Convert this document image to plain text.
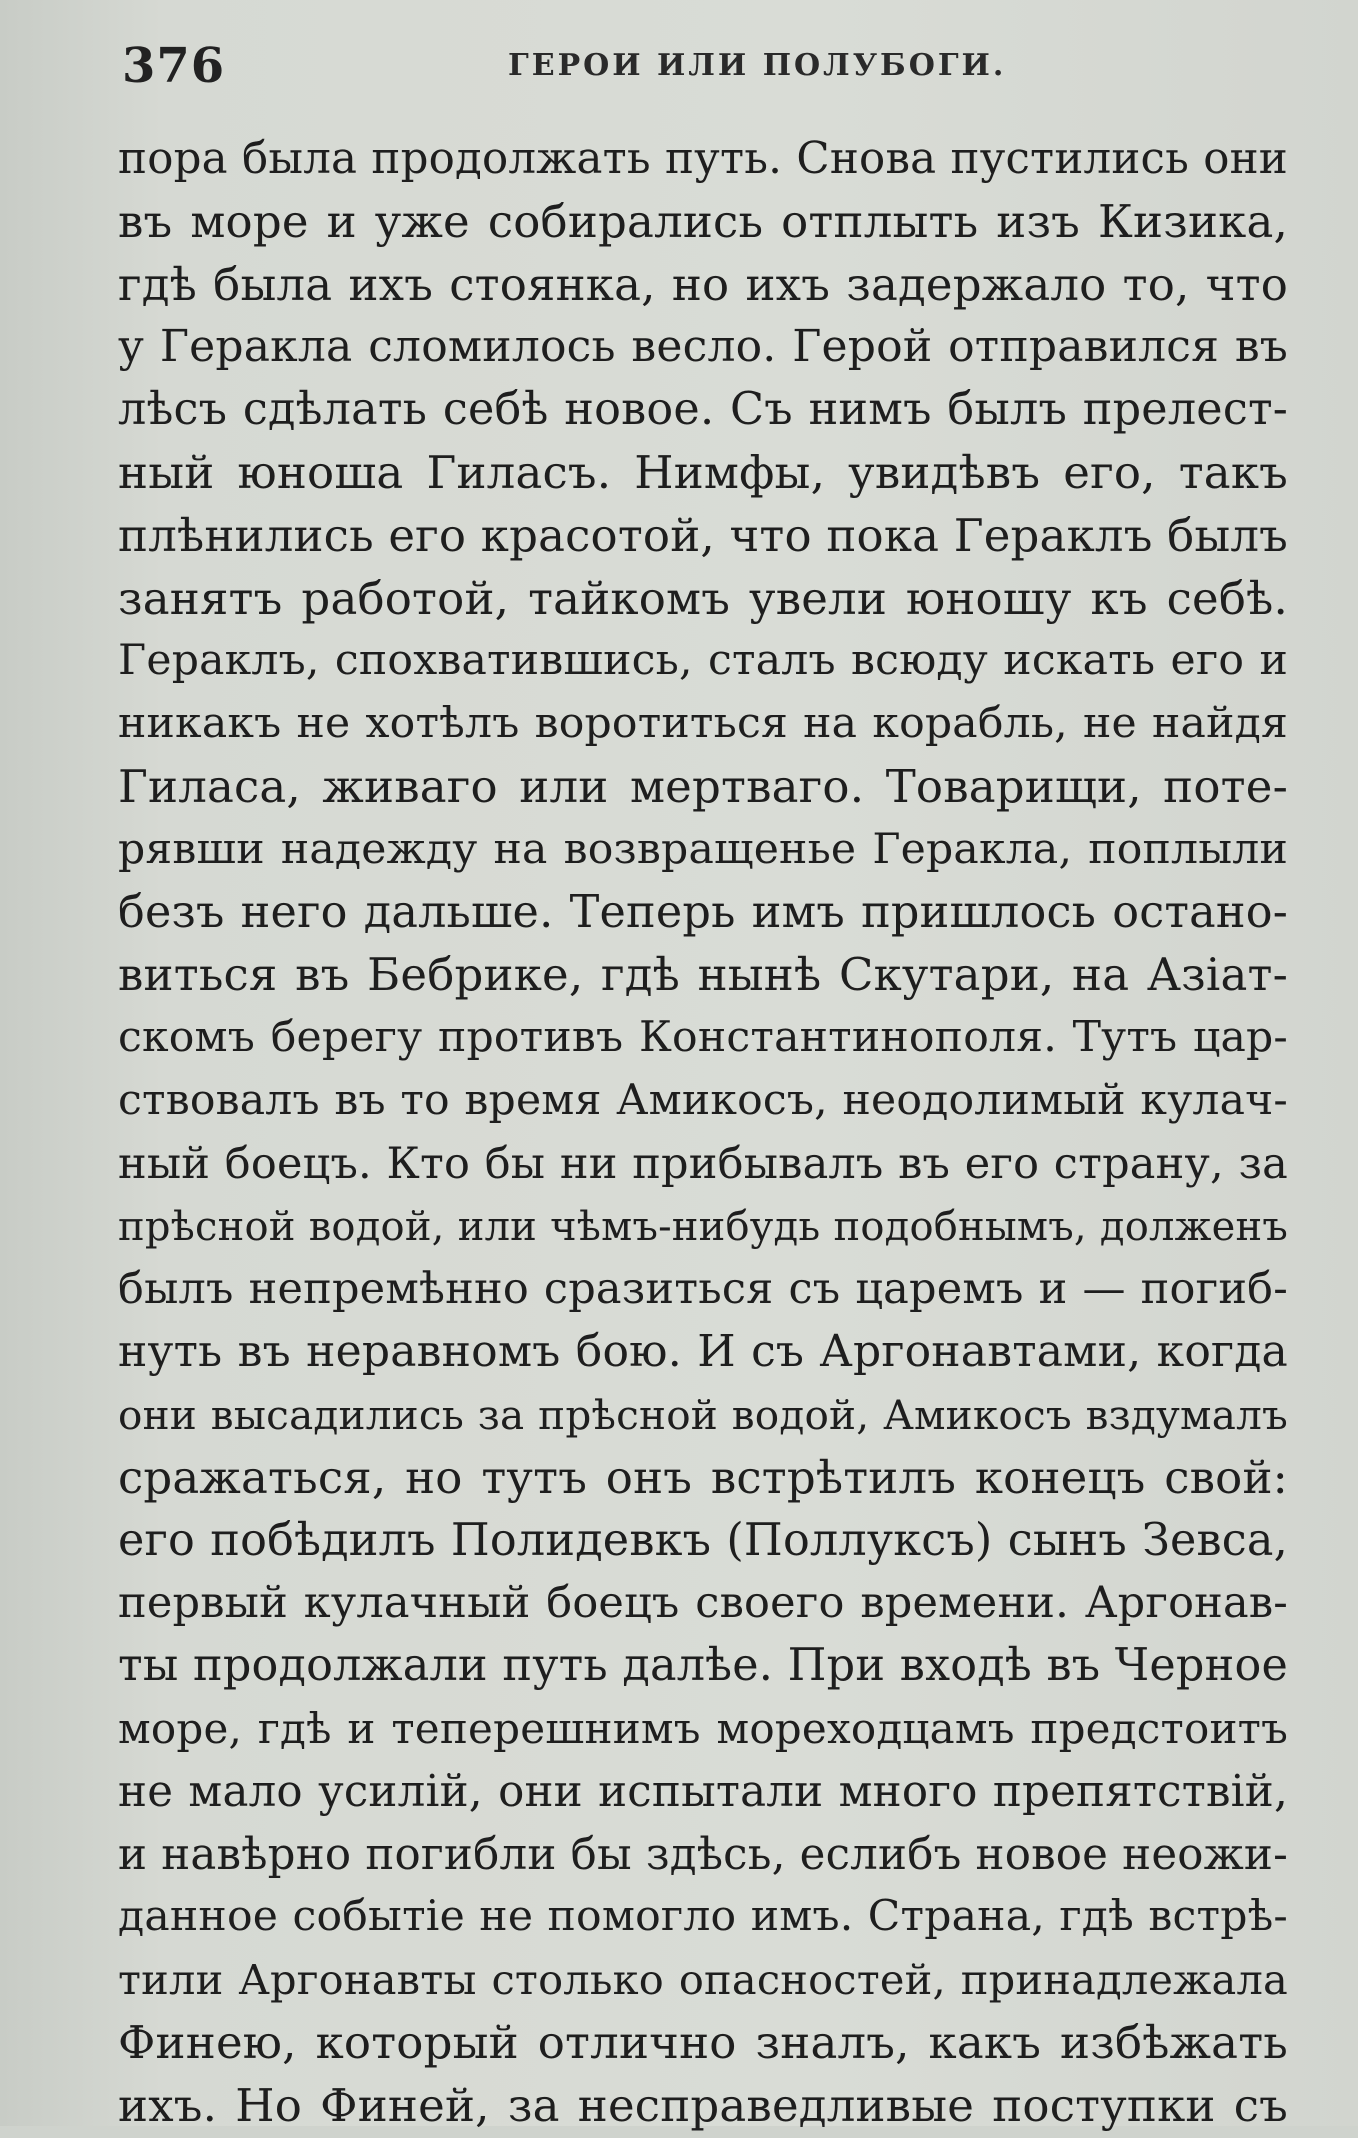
376	ГЕРОИ ИЛИ ПОЛУБОГИ.
пора была продолжать путь. Снова пустились они
въ море и уже собирались отплыть изъ Кизика,
гдѣ была ихъ стоянка, но ихъ задержало то, что
у Геракла сломилось весло. Герой отправился въ
лѣсъ сдѣлать себѣ новое. Съ нимъ былъ прелест-
ный юноша Гиласъ. Нимфы, увидѣвъ его, такъ
плѣнились его красотой, что пока Гераклъ былъ
занятъ работой, тайкомъ увели юношу къ себѣ.
Гераклъ, спохватившись, сталъ всюду искать его и
никакъ не хотѣлъ воротиться на корабль, не найдя
Гиласа, живаго или мертваго. Товарищи, поте-
рявши надежду на возвращенье Геракла, поплыли
безъ него дальше. Теперь имъ пришлось остано-
виться въ Бебрике, гдѣ нынѣ Скутари, на Азіат-
скомъ берегу противъ Константинополя. Тутъ цар-
ствовалъ въ то время Амикосъ, неодолимый кулач-
ный боецъ. Кто бы ни прибывалъ въ его страну, за
прѣсной водой, или чѣмъ-нибудь подобнымъ, долженъ
былъ непремѣнно сразиться съ царемъ и — погиб-
нуть въ неравномъ бою. И съ Аргонавтами, когда
они высадились за прѣсной водой, Амикосъ вздумалъ
сражаться, но тутъ онъ встрѣтилъ конецъ свой:
его побѣдилъ Полидевкъ (Поллуксъ) сынъ Зевса,
первый кулачный боецъ своего времени. Аргонав-
ты продолжали путь далѣе. При входѣ въ Черное
море, гдѣ и теперешнимъ мореходцамъ предстоитъ
не мало усилій, они испытали много препятствій,
и навѣрно погибли бы здѣсь, еслибъ новое неожи-
данное событіе не помогло имъ. Страна, гдѣ встрѣ-
тили Аргонавты столько опасностей, принадлежала
Финею, который отлично зналъ, какъ избѣжать
ихъ. Но Финей, за несправедливые поступки съ
